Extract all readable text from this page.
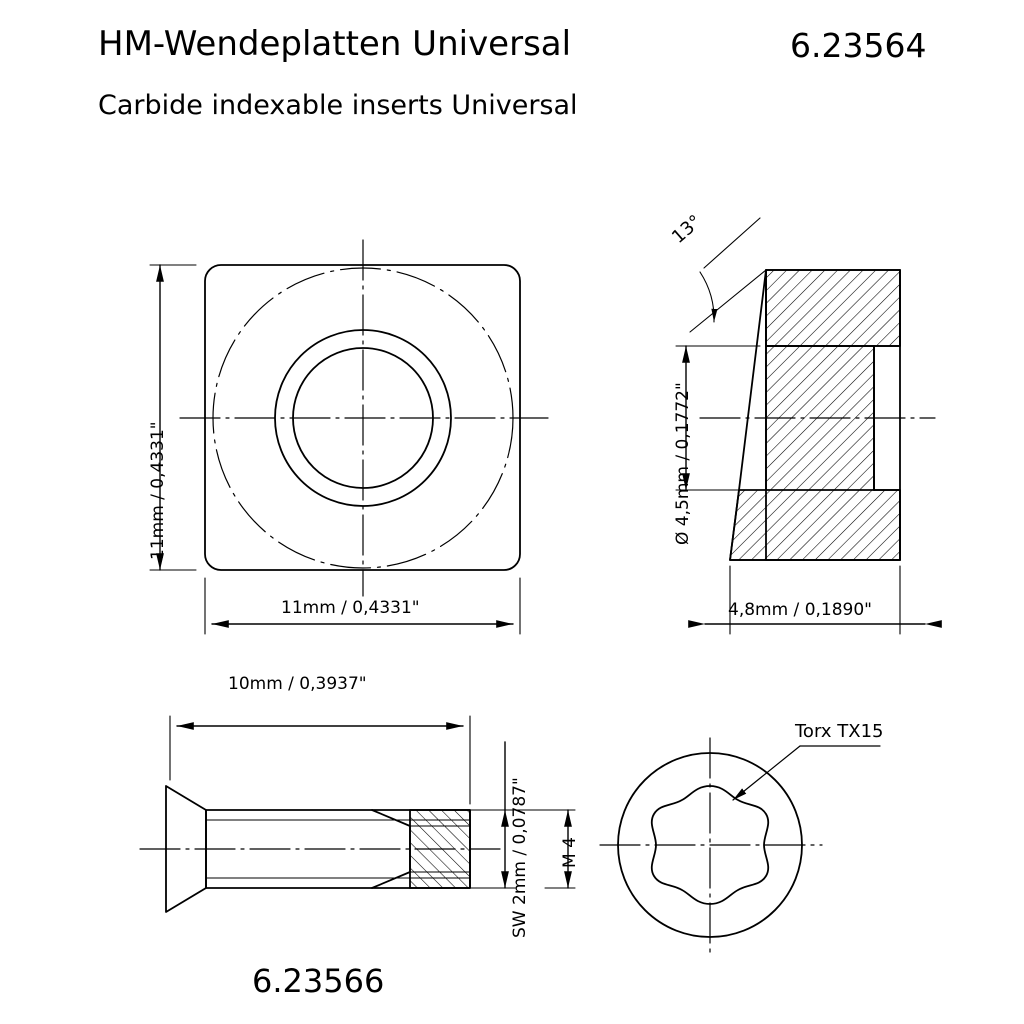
HM-Wendeplatten Universal	6.23564
Carbide indexable inserts Universal
6.23566
11mm / 0,4331"
11mm / 0,4331"
13°
Ø 4,5mm / 0,1772"
4,8mm / 0,1890"
10mm / 0,3937"
SW 2mm / 0,0787" M 4
Torx TX15
